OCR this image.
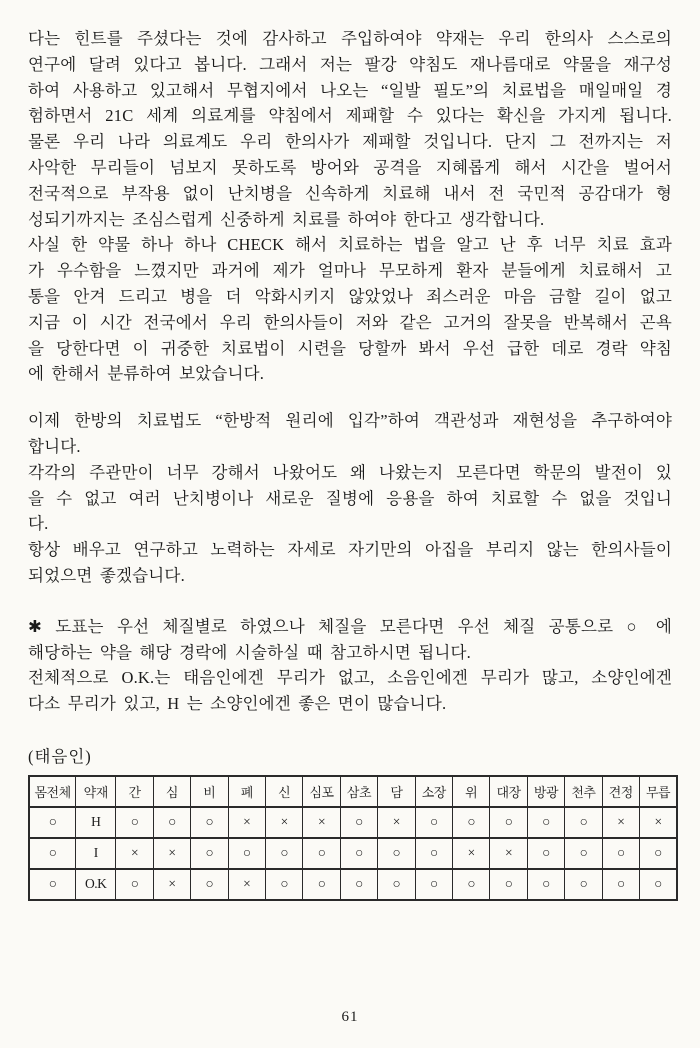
다는 힌트를 주셨다는 것에 감사하고 주입하여야 약재는 우리 한의사 스스로의
연구에 달려 있다고 봅니다. 그래서 저는 팔강 약침도 재나름대로 약물을 재구성
하여 사용하고 있고해서 무협지에서 나오는 “일발 필도”의 치료법을 매일매일 경
험하면서 21C 세계 의료계를 약침에서 제패할 수 있다는 확신을 가지게 됩니다.
물론 우리 나라 의료계도 우리 한의사가 제패할 것입니다. 단지 그 전까지는 저
사악한 무리들이 넘보지 못하도록 방어와 공격을 지혜롭게 해서 시간을 벌어서
전국적으로 부작용 없이 난치병을 신속하게 치료해 내서 전 국민적 공감대가 형
성되기까지는 조심스럽게 신중하게 치료를 하여야 한다고 생각합니다.
사실 한 약물 하나 하나 CHECK 해서 치료하는 법을 알고 난 후 너무 치료 효과
가 우수함을 느꼈지만 과거에 제가 얼마나 무모하게 환자 분들에게 치료해서 고
통을 안겨 드리고 병을 더 악화시키지 않았었나 죄스러운 마음 금할 길이 없고
지금 이 시간 전국에서 우리 한의사들이 저와 같은 고거의 잘못을 반복해서 곤욕
을 당한다면 이 귀중한 치료법이 시련을 당할까 봐서 우선 급한 데로 경락 약침
에 한해서 분류하여 보았습니다.
이제 한방의 치료법도 “한방적 원리에 입각”하여 객관성과 재현성을 추구하여야
합니다.
각각의 주관만이 너무 강해서 나왔어도 왜 나왔는지 모른다면 학문의 발전이 있
을 수 없고 여러 난치병이나 새로운 질병에 응용을 하여 치료할 수 없을 것입니
다.
항상 배우고 연구하고 노력하는 자세로 자기만의 아집을 부리지 않는 한의사들이
되었으면 좋겠습니다.
✱ 도표는 우선 체질별로 하였으나 체질을 모른다면 우선 체질 공통으로 ○ 에
해당하는 약을 해당 경락에 시술하실 때 참고하시면 됩니다.
전체적으로 O.K.는 태음인에겐 무리가 없고, 소음인에겐 무리가 많고, 소양인에겐
다소 무리가 있고, H 는 소양인에겐 좋은 면이 많습니다.
(태음인)
몸전체	약재	간	심	비	폐	신	심포	삼초	담	소장	위	대장	방광	천추	견정	무릅
○	H	○	○	○	×	×	×	○	×	○	○	○	○	○	×	×
○	I	×	×	○	○	○	○	○	○	○	×	×	○	○	○	○
○	O.K	○	×	○	×	○	○	○	○	○	○	○	○	○	○	○
61
